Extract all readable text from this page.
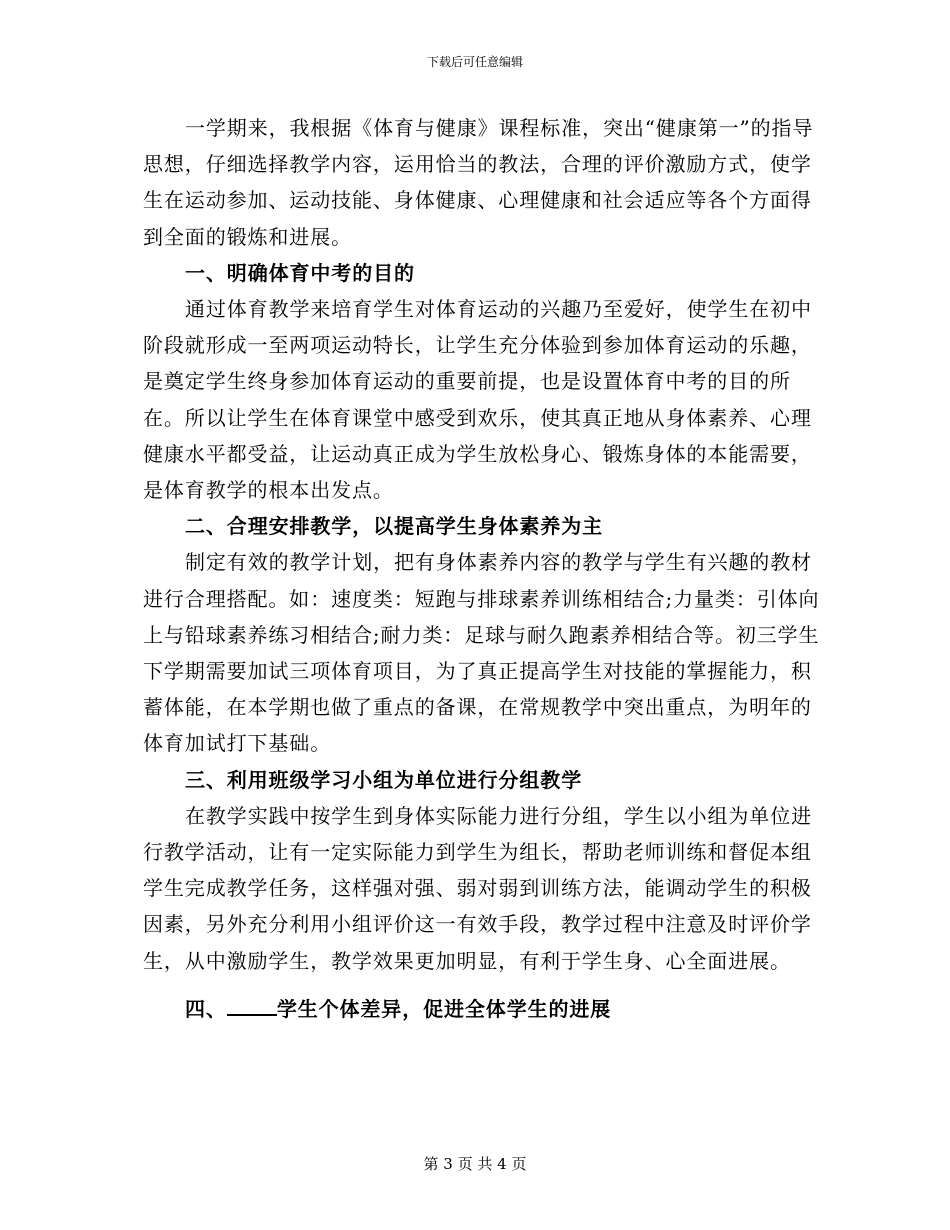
下载后可任意编辑

一学期来，我根据《体育与健康》课程标准，突出“健康第一”的指导思想，仔细选择教学内容，运用恰当的教法，合理的评价激励方式，使学生在运动参加、运动技能、身体健康、心理健康和社会适应等各个方面得到全面的锻炼和进展。

一、明确体育中考的目的

通过体育教学来培育学生对体育运动的兴趣乃至爱好，使学生在初中阶段就形成一至两项运动特长，让学生充分体验到参加体育运动的乐趣，是奠定学生终身参加体育运动的重要前提，也是设置体育中考的目的所在。所以让学生在体育课堂中感受到欢乐，使其真正地从身体素养、心理健康水平都受益，让运动真正成为学生放松身心、锻炼身体的本能需要，是体育教学的根本出发点。

二、合理安排教学，以提高学生身体素养为主

制定有效的教学计划，把有身体素养内容的教学与学生有兴趣的教材进行合理搭配。如：速度类：短跑与排球素养训练相结合;力量类：引体向上与铅球素养练习相结合;耐力类：足球与耐久跑素养相结合等。初三学生下学期需要加试三项体育项目，为了真正提高学生对技能的掌握能力，积蓄体能，在本学期也做了重点的备课，在常规教学中突出重点，为明年的体育加试打下基础。

三、利用班级学习小组为单位进行分组教学

在教学实践中按学生到身体实际能力进行分组，学生以小组为单位进行教学活动，让有一定实际能力到学生为组长，帮助老师训练和督促本组学生完成教学任务，这样强对强、弱对弱到训练方法，能调动学生的积极因素，另外充分利用小组评价这一有效手段，教学过程中注意及时评价学生，从中激励学生，教学效果更加明显，有利于学生身、心全面进展。

四、	学生个体差异，促进全体学生的进展

第 3 页 共 4 页
